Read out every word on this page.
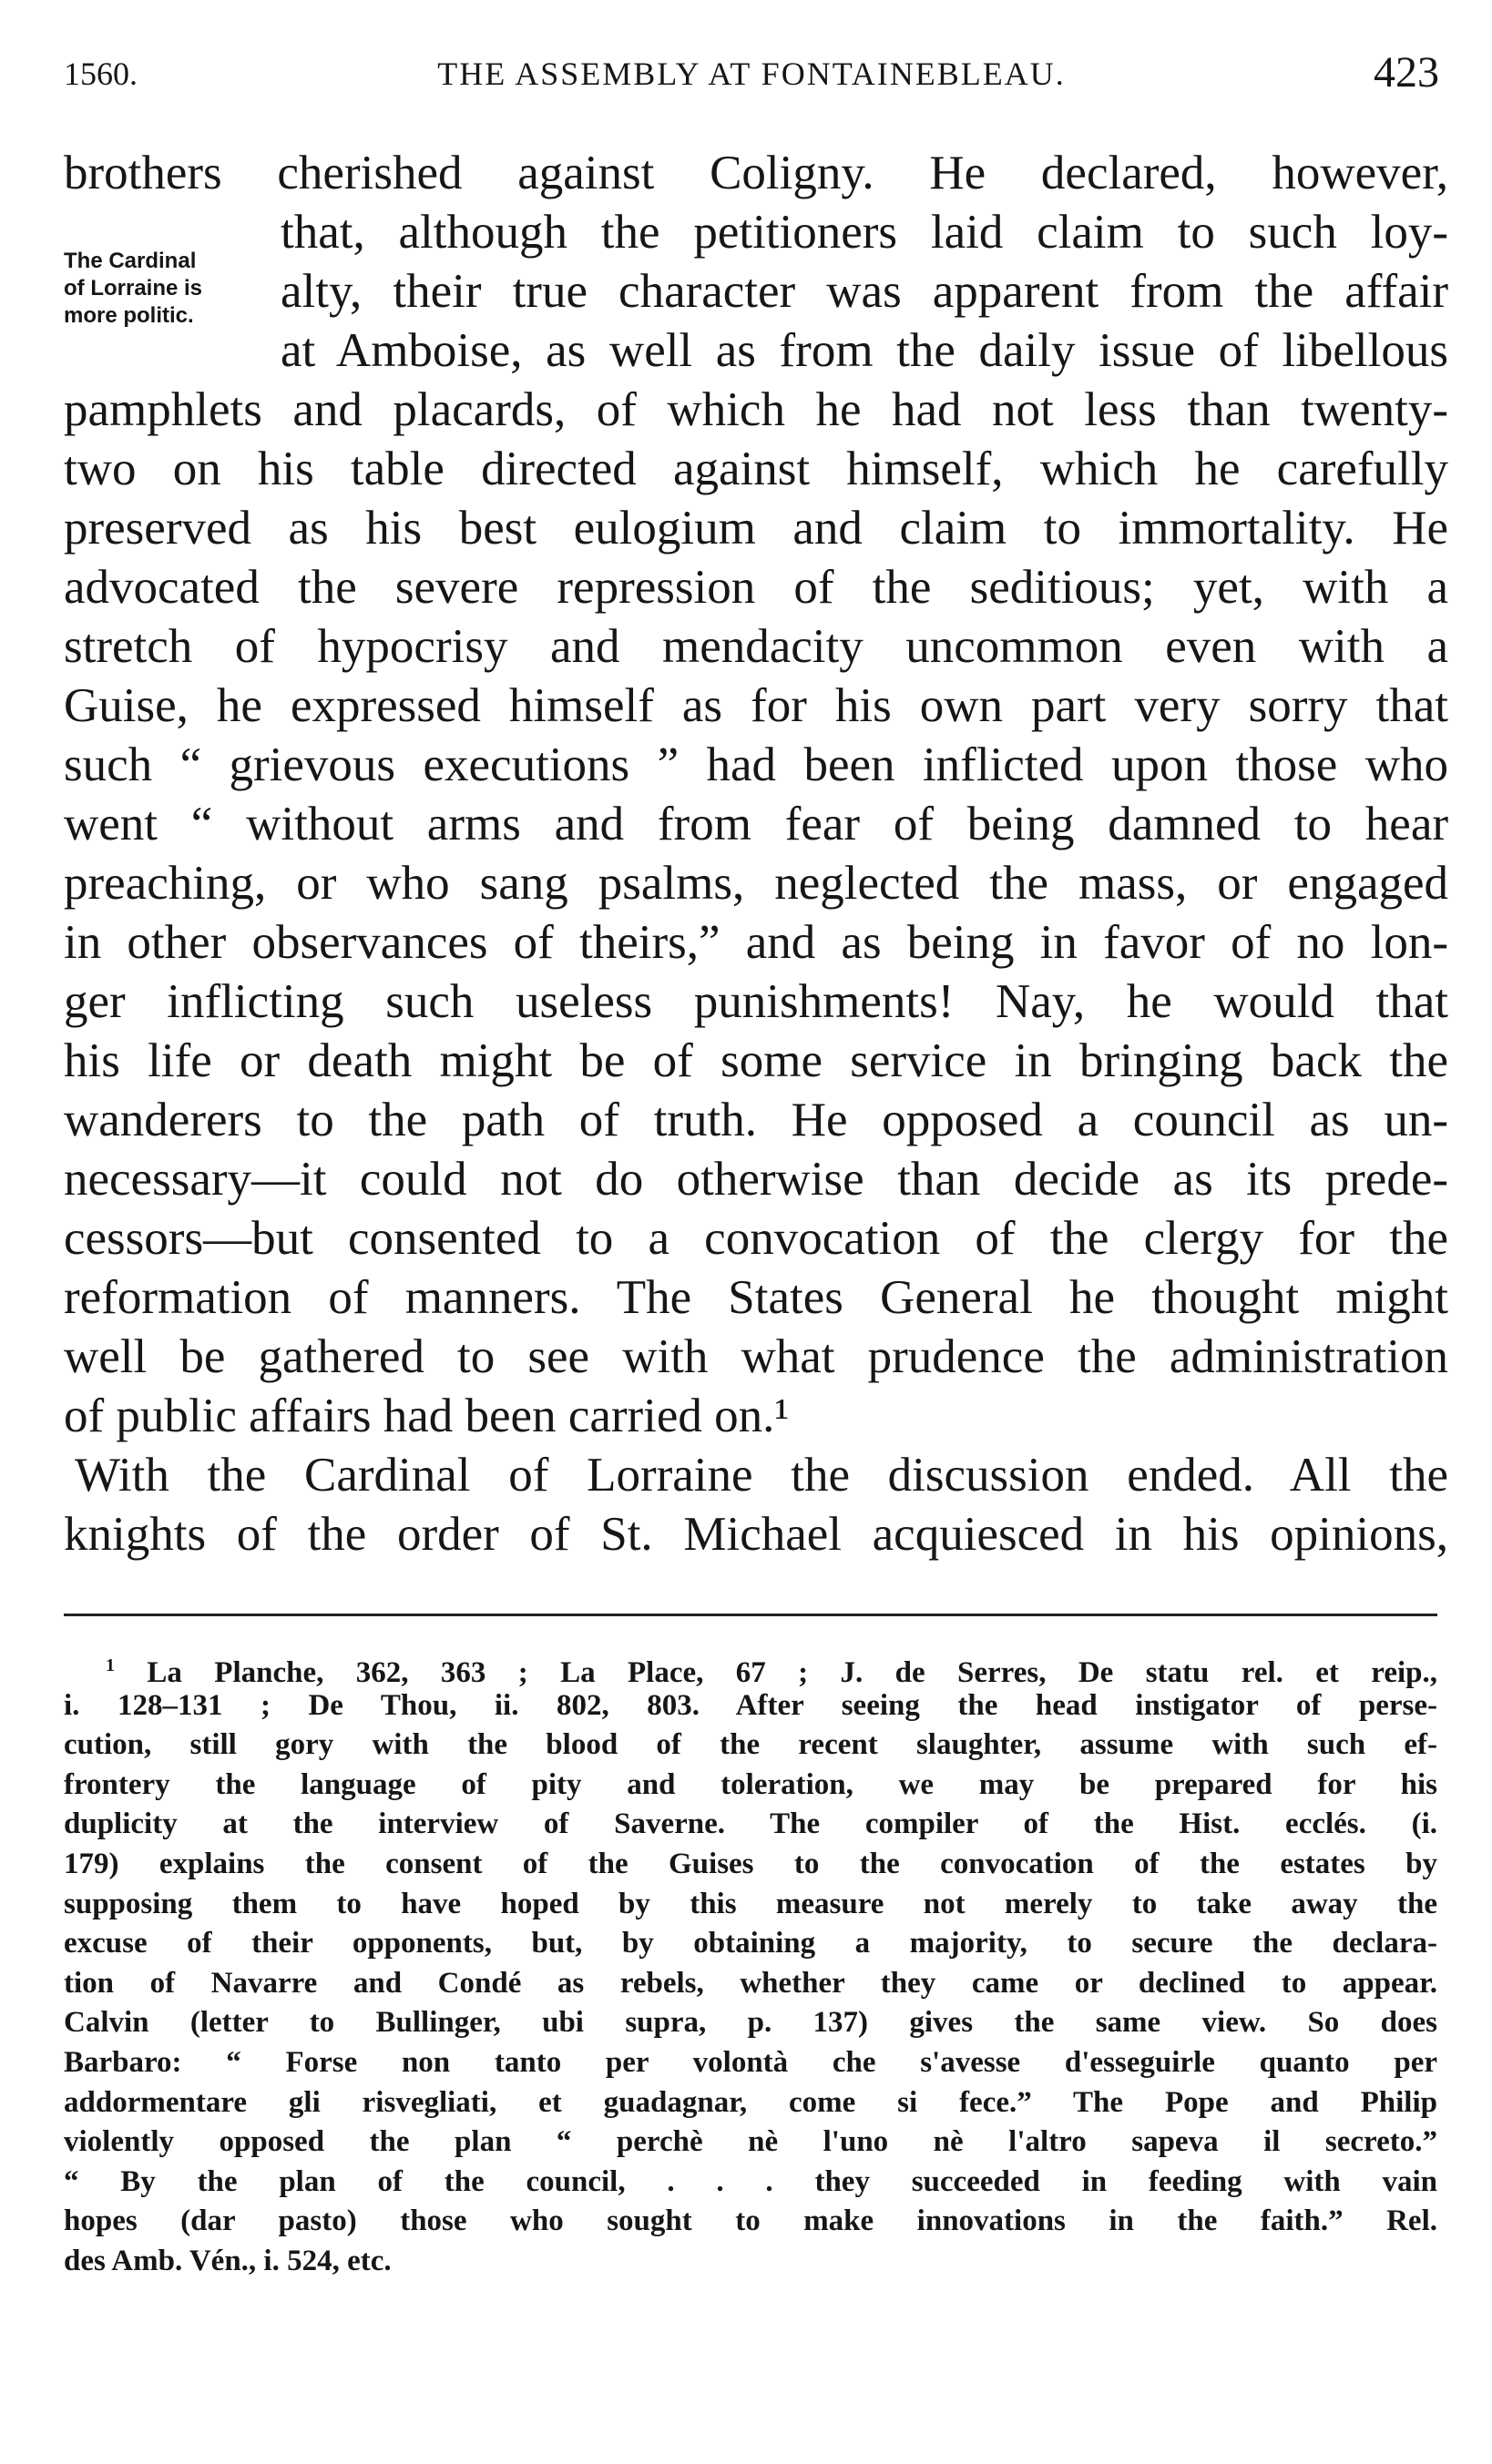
1560.	THE ASSEMBLY AT FONTAINEBLEAU.	423
The Cardinal
of Lorraine is
more politic.
brothers cherished against Coligny. He declared, however,
that, although the petitioners laid claim to such loy-
alty, their true character was apparent from the affair
at Amboise, as well as from the daily issue of libellous
pamphlets and placards, of which he had not less than twenty-
two on his table directed against himself, which he carefully
preserved as his best eulogium and claim to immortality. He
advocated the severe repression of the seditious; yet, with a
stretch of hypocrisy and mendacity uncommon even with a
Guise, he expressed himself as for his own part very sorry that
such “ grievous executions ” had been inflicted upon those who
went “ without arms and from fear of being damned to hear
preaching, or who sang psalms, neglected the mass, or engaged
in other observances of theirs,” and as being in favor of no lon-
ger inflicting such useless punishments! Nay, he would that
his life or death might be of some service in bringing back the
wanderers to the path of truth. He opposed a council as un-
necessary—it could not do otherwise than decide as its prede-
cessors—but consented to a convocation of the clergy for the
reformation of manners. The States General he thought might
well be gathered to see with what prudence the administration
of public affairs had been carried on.¹
With the Cardinal of Lorraine the discussion ended. All the
knights of the order of St. Michael acquiesced in his opinions,
$^1$ La Planche, 362, 363 ; La Place, 67 ; J. de Serres, De statu rel. et reip.,
i. 128–131 ; De Thou, ii. 802, 803. After seeing the head instigator of perse-
cution, still gory with the blood of the recent slaughter, assume with such ef-
frontery the language of pity and toleration, we may be prepared for his
duplicity at the interview of Saverne. The compiler of the Hist. ecclés. (i.
179) explains the consent of the Guises to the convocation of the estates by
supposing them to have hoped by this measure not merely to take away the
excuse of their opponents, but, by obtaining a majority, to secure the declara-
tion of Navarre and Condé as rebels, whether they came or declined to appear.
Calvin (letter to Bullinger, ubi supra, p. 137) gives the same view. So does
Barbaro: “ Forse non tanto per volontà che s'avesse d'esseguirle quanto per
addormentare gli risvegliati, et guadagnar, come si fece.” The Pope and Philip
violently opposed the plan “ perchè nè l'uno nè l'altro sapeva il secreto.”
“ By the plan of the council, . . . they succeeded in feeding with vain
hopes (dar pasto) those who sought to make innovations in the faith.” Rel.
des Amb. Vén., i. 524, etc.
